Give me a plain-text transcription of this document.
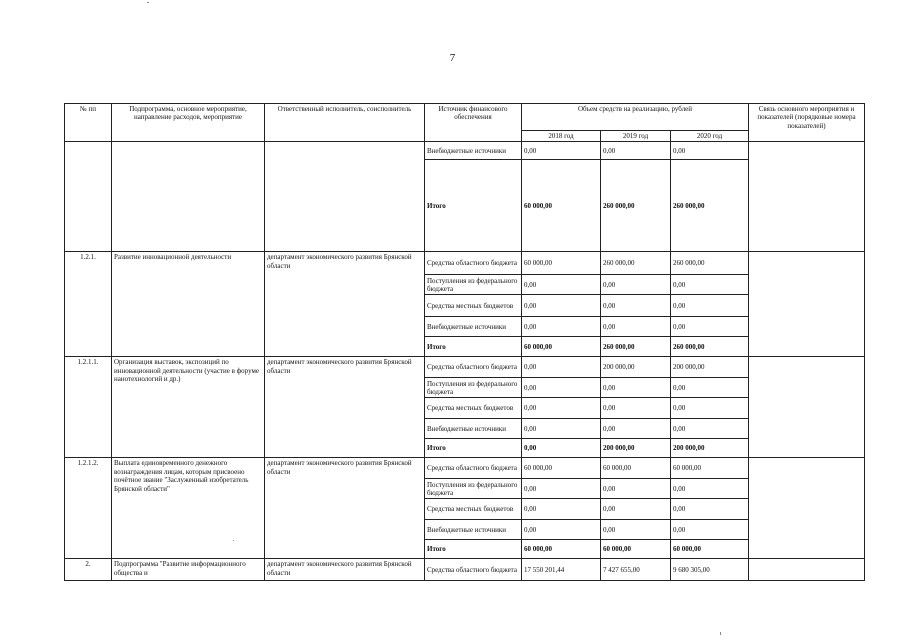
7
№ пп	Подпрограмма, основное мероприятие, направление расходов, мероприятие	Ответственный исполнитель, соисполнитель	Источник финансового обеспечения	Объем средств на реализацию, рублей			Связь основного мероприятия и показателей (порядковые номера показателей)
				2018 год	2019 год	2020 год	
			Внебюджетные источники	0,00	0,00	0,00	
			Итого	60 000,00	260 000,00	260 000,00	
1.2.1.	Развитие инновационной деятельности	департамент экономического развития Брянской области	Средства областного бюджета	60 000,00	260 000,00	260 000,00	
			Поступления из федерального бюджета	0,00	0,00	0,00	
			Средства местных бюджетов	0,00	0,00	0,00	
			Внебюджетные источники	0,00	0,00	0,00	
			Итого	60 000,00	260 000,00	260 000,00	
1.2.1.1.	Организация выставок, экспозиций по инновационной деятельности (участие в форуме нанотехнологий и др.)	департамент экономического развития Брянской области	Средства областного бюджета	0,00	200 000,00	200 000,00	
			Поступления из федерального бюджета	0,00	0,00	0,00	
			Средства местных бюджетов	0,00	0,00	0,00	
			Внебюджетные источники	0,00	0,00	0,00	
			Итого	0,00	200 000,00	200 000,00	
1.2.1.2.	Выплата единовременного денежного вознаграждения лицам, которым присвоено почётное звание "Заслуженный изобретатель Брянской области"	департамент экономического развития Брянской области	Средства областного бюджета	60 000,00	60 000,00	60 000,00	
			Поступления из федерального бюджета	0,00	0,00	0,00	
			Средства местных бюджетов	0,00	0,00	0,00	
			Внебюджетные источники	0,00	0,00	0,00	
			Итого	60 000,00	60 000,00	60 000,00	
2.	Подпрограмма "Развитие информационного общества и	департамент экономического развития Брянской области	Средства областного бюджета	17 550 201,44	7 427 655,00	9 680 305,00	
